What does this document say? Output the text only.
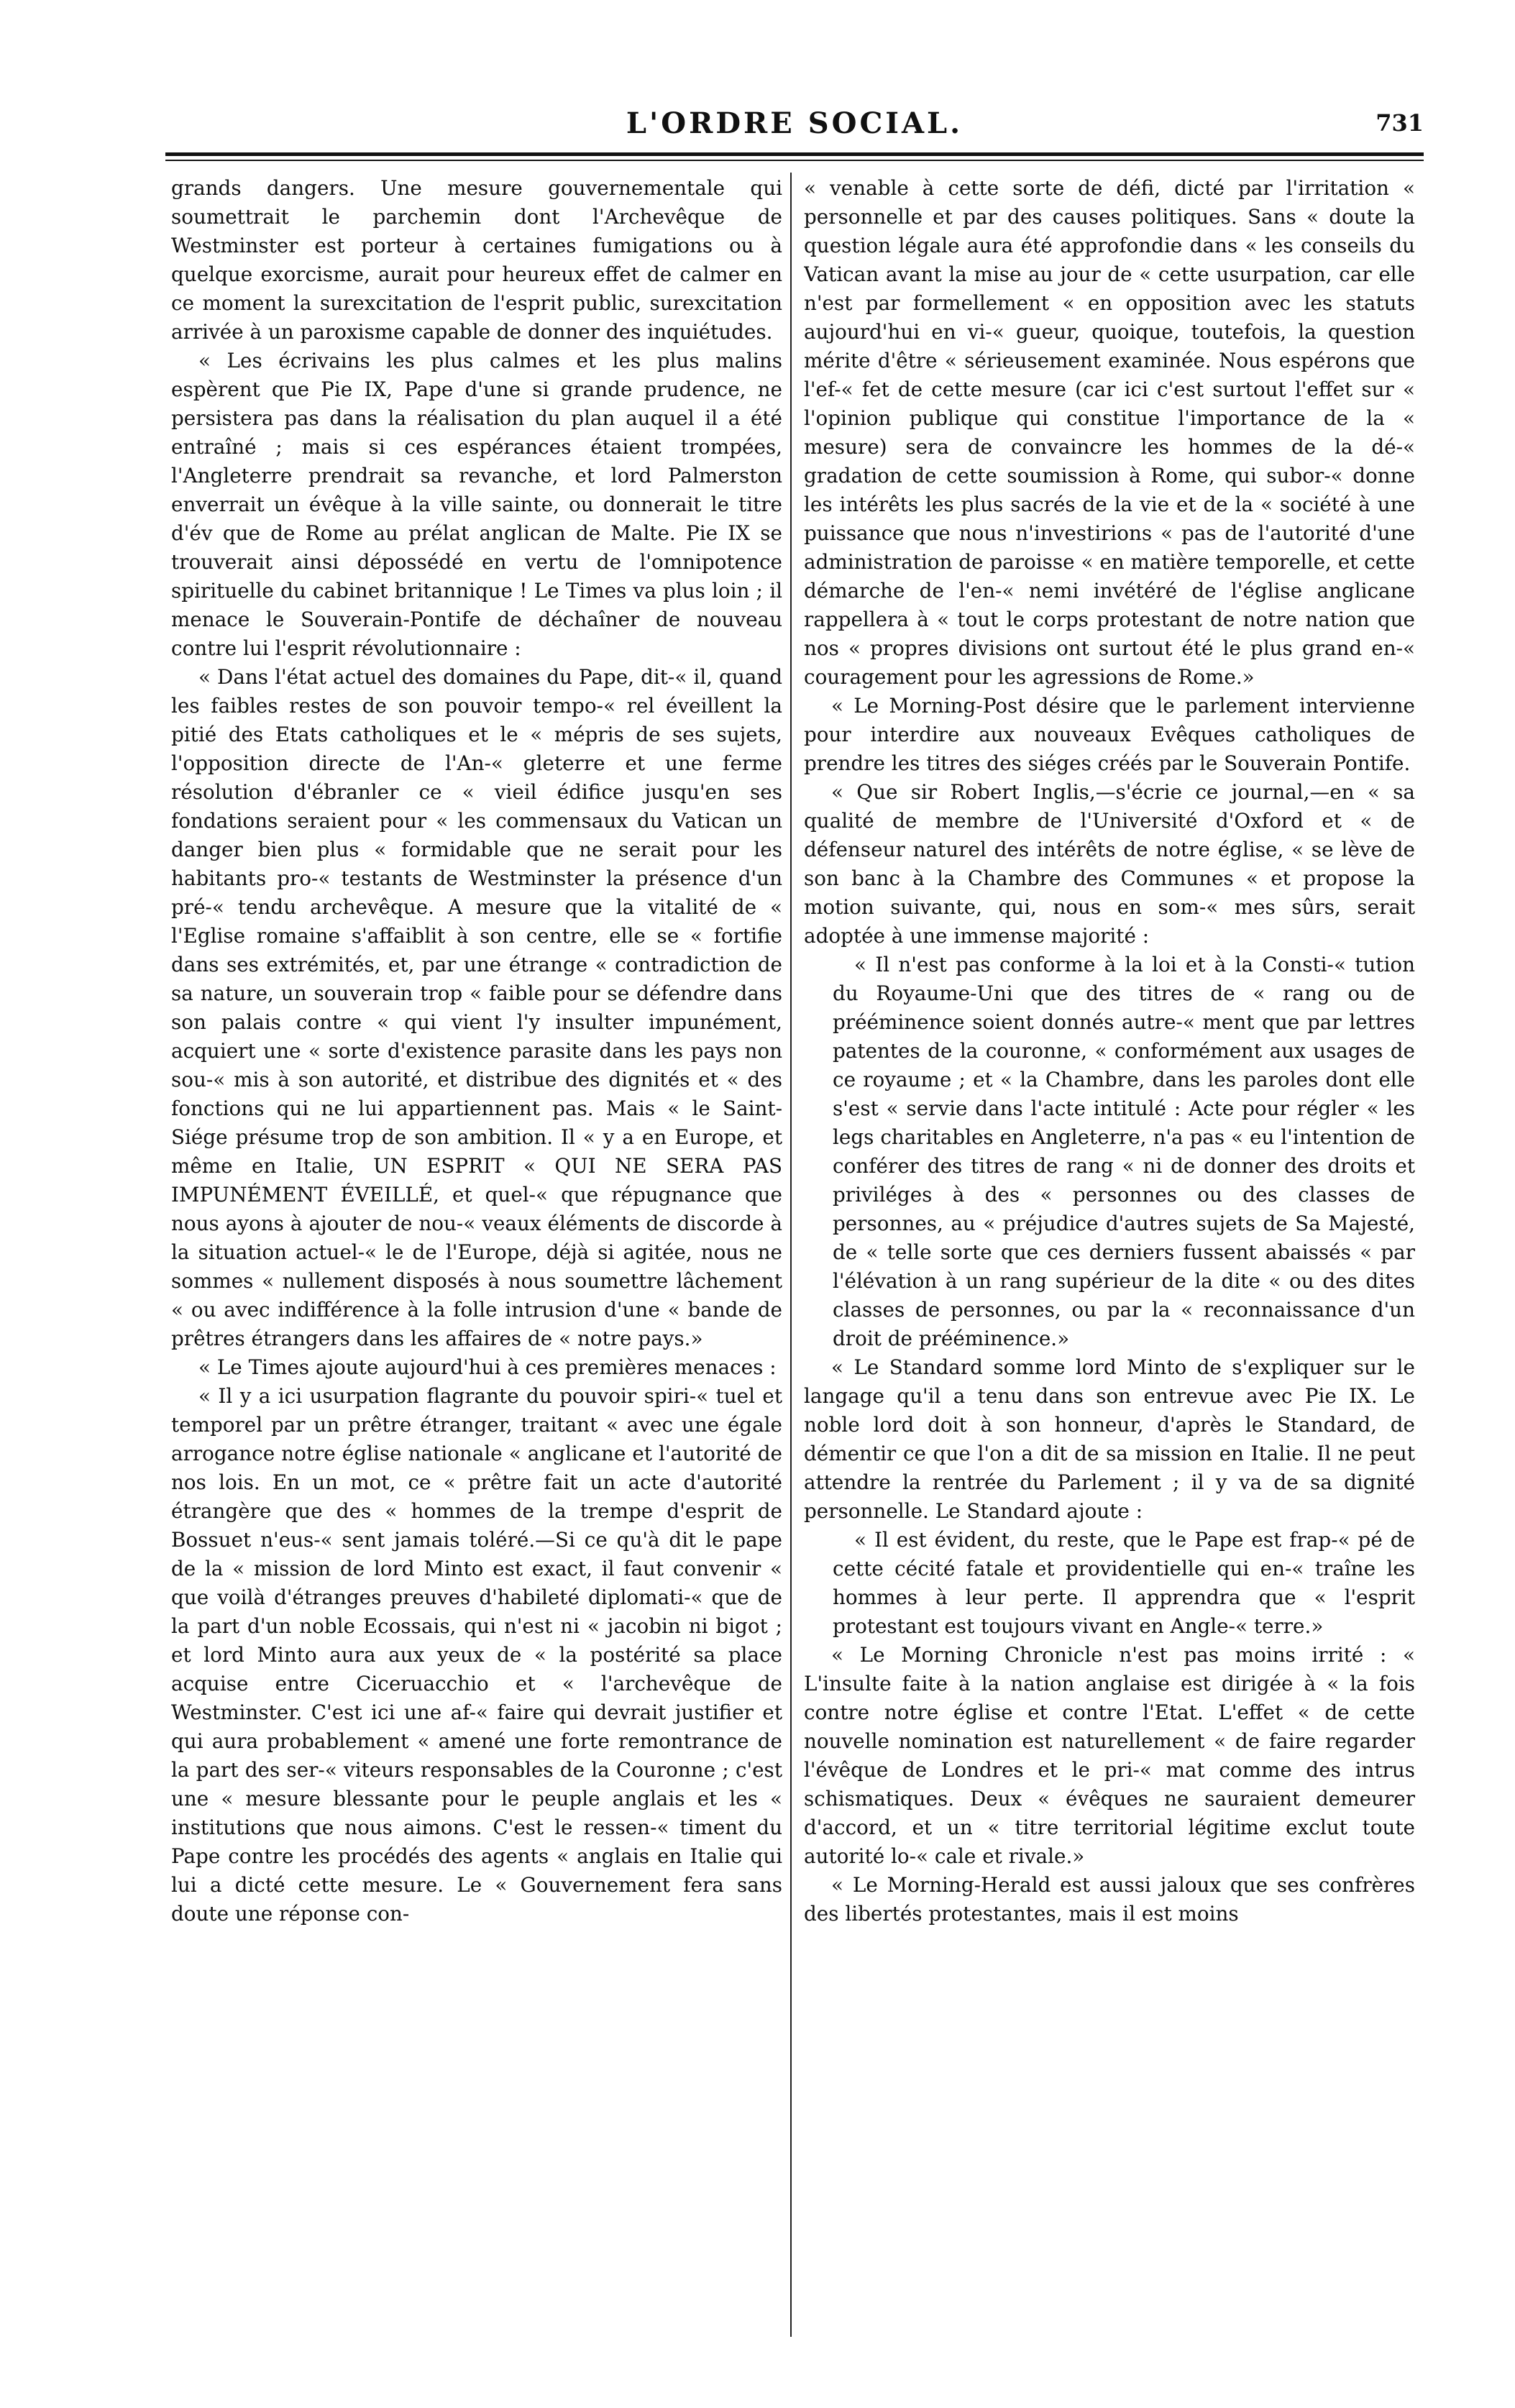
L'ORDRE SOCIAL.	731

grands dangers. Une mesure gouvernementale qui soumettrait le parchemin dont l'Archevêque de Westminster est porteur à certaines fumigations ou à quelque exorcisme, aurait pour heureux effet de calmer en ce moment la surexcitation de l'esprit public, surexcitation arrivée à un paroxisme capable de donner des inquiétudes.

« Les écrivains les plus calmes et les plus malins espèrent que Pie IX, Pape d'une si grande prudence, ne persistera pas dans la réalisation du plan auquel il a été entraîné ; mais si ces espérances étaient trompées, l'Angleterre prendrait sa revanche, et lord Palmerston enverrait un évêque à la ville sainte, ou donnerait le titre d'év que de Rome au prélat anglican de Malte. Pie IX se trouverait ainsi dépossédé en vertu de l'omnipotence spirituelle du cabinet britannique ! Le Times va plus loin ; il menace le Souverain-Pontife de déchaîner de nouveau contre lui l'esprit révolutionnaire :

« Dans l'état actuel des domaines du Pape, dit-« il, quand les faibles restes de son pouvoir tempo-« rel éveillent la pitié des Etats catholiques et le « mépris de ses sujets, l'opposition directe de l'An-« gleterre et une ferme résolution d'ébranler ce « vieil édifice jusqu'en ses fondations seraient pour « les commensaux du Vatican un danger bien plus « formidable que ne serait pour les habitants pro-« testants de Westminster la présence d'un pré-« tendu archevêque. A mesure que la vitalité de « l'Eglise romaine s'affaiblit à son centre, elle se « fortifie dans ses extrémités, et, par une étrange « contradiction de sa nature, un souverain trop « faible pour se défendre dans son palais contre « qui vient l'y insulter impunément, acquiert une « sorte d'existence parasite dans les pays non sou-« mis à son autorité, et distribue des dignités et « des fonctions qui ne lui appartiennent pas. Mais « le Saint-Siége présume trop de son ambition. Il « y a en Europe, et même en Italie, UN ESPRIT « QUI NE SERA PAS IMPUNÉMENT ÉVEILLÉ, et quel-« que répugnance que nous ayons à ajouter de nou-« veaux éléments de discorde à la situation actuel-« le de l'Europe, déjà si agitée, nous ne sommes « nullement disposés à nous soumettre lâchement « ou avec indifférence à la folle intrusion d'une « bande de prêtres étrangers dans les affaires de « notre pays.»

« Le Times ajoute aujourd'hui à ces premières menaces :

« Il y a ici usurpation flagrante du pouvoir spiri-« tuel et temporel par un prêtre étranger, traitant « avec une égale arrogance notre église nationale « anglicane et l'autorité de nos lois. En un mot, ce « prêtre fait un acte d'autorité étrangère que des « hommes de la trempe d'esprit de Bossuet n'eus-« sent jamais toléré.—Si ce qu'à dit le pape de la « mission de lord Minto est exact, il faut convenir « que voilà d'étranges preuves d'habileté diplomati-« que de la part d'un noble Ecossais, qui n'est ni « jacobin ni bigot ; et lord Minto aura aux yeux de « la postérité sa place acquise entre Ciceruacchio et « l'archevêque de Westminster. C'est ici une af-« faire qui devrait justifier et qui aura probablement « amené une forte remontrance de la part des ser-« viteurs responsables de la Couronne ; c'est une « mesure blessante pour le peuple anglais et les « institutions que nous aimons. C'est le ressen-« timent du Pape contre les procédés des agents « anglais en Italie qui lui a dicté cette mesure. Le « Gouvernement fera sans doute une réponse con-

« venable à cette sorte de défi, dicté par l'irritation « personnelle et par des causes politiques. Sans « doute la question légale aura été approfondie dans « les conseils du Vatican avant la mise au jour de « cette usurpation, car elle n'est par formellement « en opposition avec les statuts aujourd'hui en vi-« gueur, quoique, toutefois, la question mérite d'être « sérieusement examinée. Nous espérons que l'ef-« fet de cette mesure (car ici c'est surtout l'effet sur « l'opinion publique qui constitue l'importance de la « mesure) sera de convaincre les hommes de la dé-« gradation de cette soumission à Rome, qui subor-« donne les intérêts les plus sacrés de la vie et de la « société à une puissance que nous n'investirions « pas de l'autorité d'une administration de paroisse « en matière temporelle, et cette démarche de l'en-« nemi invétéré de l'église anglicane rappellera à « tout le corps protestant de notre nation que nos « propres divisions ont surtout été le plus grand en-« couragement pour les agressions de Rome.»

« Le Morning-Post désire que le parlement intervienne pour interdire aux nouveaux Evêques catholiques de prendre les titres des siéges créés par le Souverain Pontife.

« Que sir Robert Inglis,—s'écrie ce journal,—en « sa qualité de membre de l'Université d'Oxford et « de défenseur naturel des intérêts de notre église, « se lève de son banc à la Chambre des Communes « et propose la motion suivante, qui, nous en som-« mes sûrs, serait adoptée à une immense majorité :

« Il n'est pas conforme à la loi et à la Consti-« tution du Royaume-Uni que des titres de « rang ou de prééminence soient donnés autre-« ment que par lettres patentes de la couronne, « conformément aux usages de ce royaume ; et « la Chambre, dans les paroles dont elle s'est « servie dans l'acte intitulé : Acte pour régler « les legs charitables en Angleterre, n'a pas « eu l'intention de conférer des titres de rang « ni de donner des droits et priviléges à des « personnes ou des classes de personnes, au « préjudice d'autres sujets de Sa Majesté, de « telle sorte que ces derniers fussent abaissés « par l'élévation à un rang supérieur de la dite « ou des dites classes de personnes, ou par la « reconnaissance d'un droit de prééminence.»

« Le Standard somme lord Minto de s'expliquer sur le langage qu'il a tenu dans son entrevue avec Pie IX. Le noble lord doit à son honneur, d'après le Standard, de démentir ce que l'on a dit de sa mission en Italie. Il ne peut attendre la rentrée du Parlement ; il y va de sa dignité personnelle. Le Standard ajoute :

« Il est évident, du reste, que le Pape est frap-« pé de cette cécité fatale et providentielle qui en-« traîne les hommes à leur perte. Il apprendra que « l'esprit protestant est toujours vivant en Angle-« terre.»

« Le Morning Chronicle n'est pas moins irrité : « L'insulte faite à la nation anglaise est dirigée à « la fois contre notre église et contre l'Etat. L'effet « de cette nouvelle nomination est naturellement « de faire regarder l'évêque de Londres et le pri-« mat comme des intrus schismatiques. Deux « évêques ne sauraient demeurer d'accord, et un « titre territorial légitime exclut toute autorité lo-« cale et rivale.»

« Le Morning-Herald est aussi jaloux que ses confrères des libertés protestantes, mais il est moins
